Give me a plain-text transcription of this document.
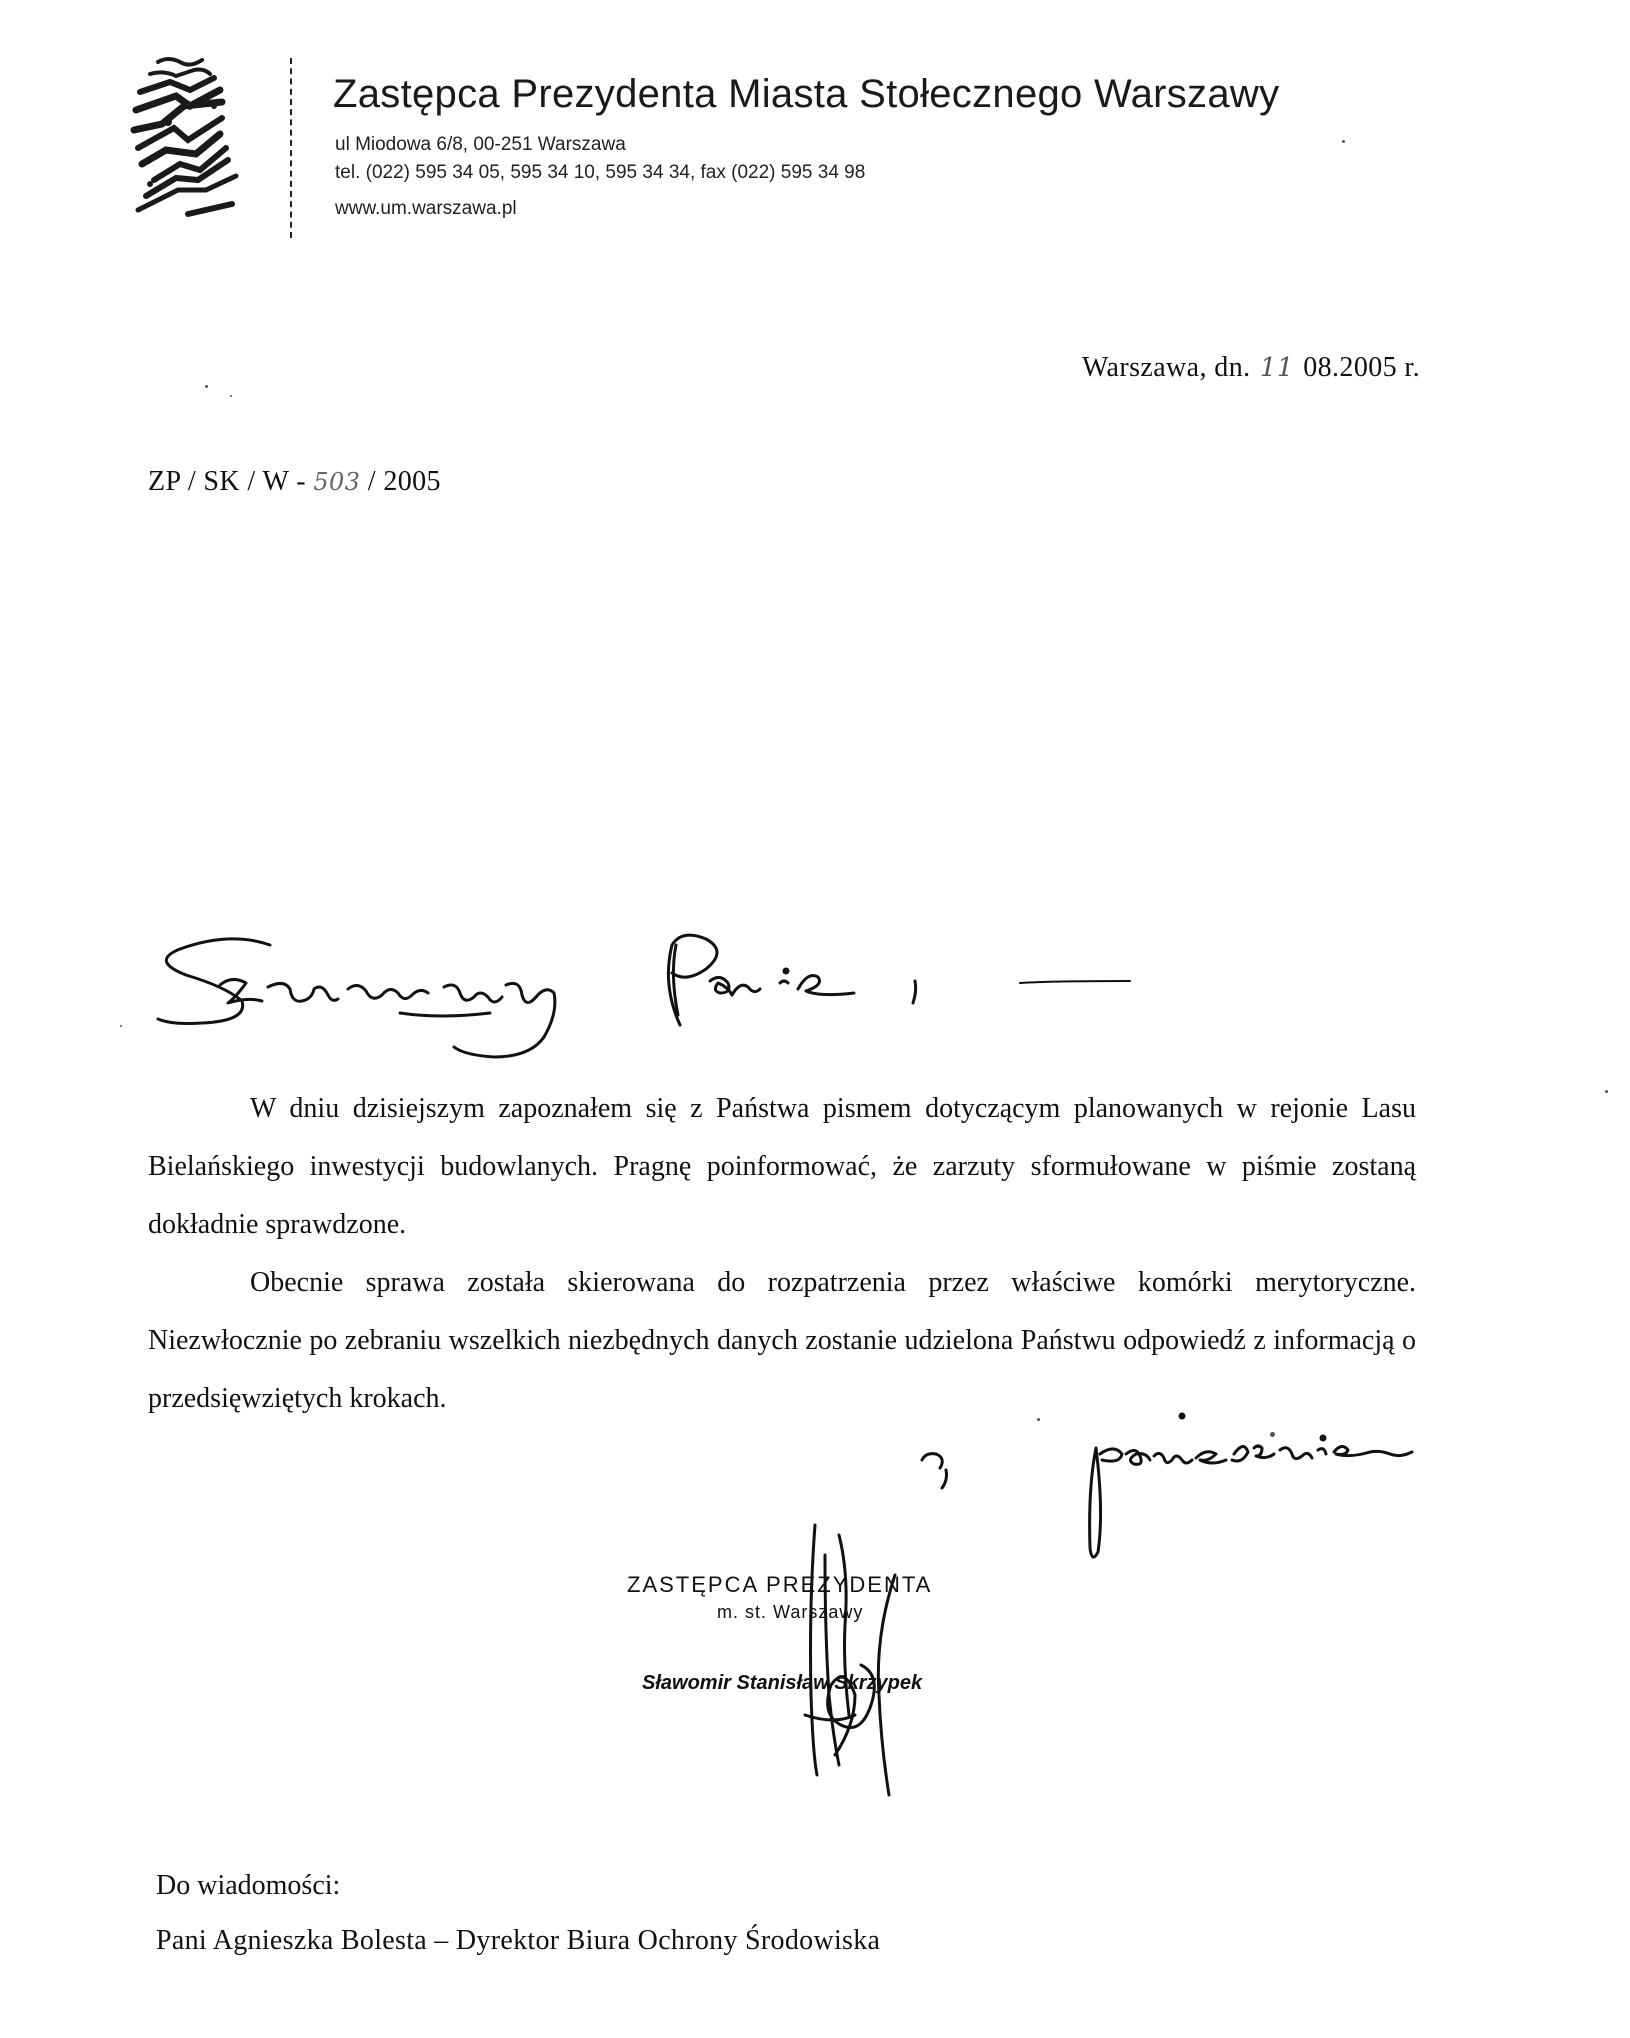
Zastępca Prezydenta Miasta Stołecznego Warszawy
ul Miodowa 6/8, 00-251 Warszawa
tel. (022) 595 34 05, 595 34 10, 595 34 34, fax (022) 595 34 98
www.um.warszawa.pl
Warszawa, dn. 11 08.2005 r.
ZP / SK / W - 503 / 2005

W dniu dzisiejszym zapoznałem się z Państwa pismem dotyczącym planowanych w rejonie Lasu Bielańskiego inwestycji budowlanych. Pragnę poinformować, że zarzuty sformułowane w piśmie zostaną dokładnie sprawdzone.

Obecnie sprawa została skierowana do rozpatrzenia przez właściwe komórki merytoryczne. Niezwłocznie po zebraniu wszelkich niezbędnych danych zostanie udzielona Państwu odpowiedź z informacją o przedsięwziętych krokach.

ZASTĘPCA PREZYDENTA
m. st. Warszawy
Sławomir Stanisław Skrzypek
Do wiadomości:
Pani Agnieszka Bolesta – Dyrektor Biura Ochrony Środowiska
